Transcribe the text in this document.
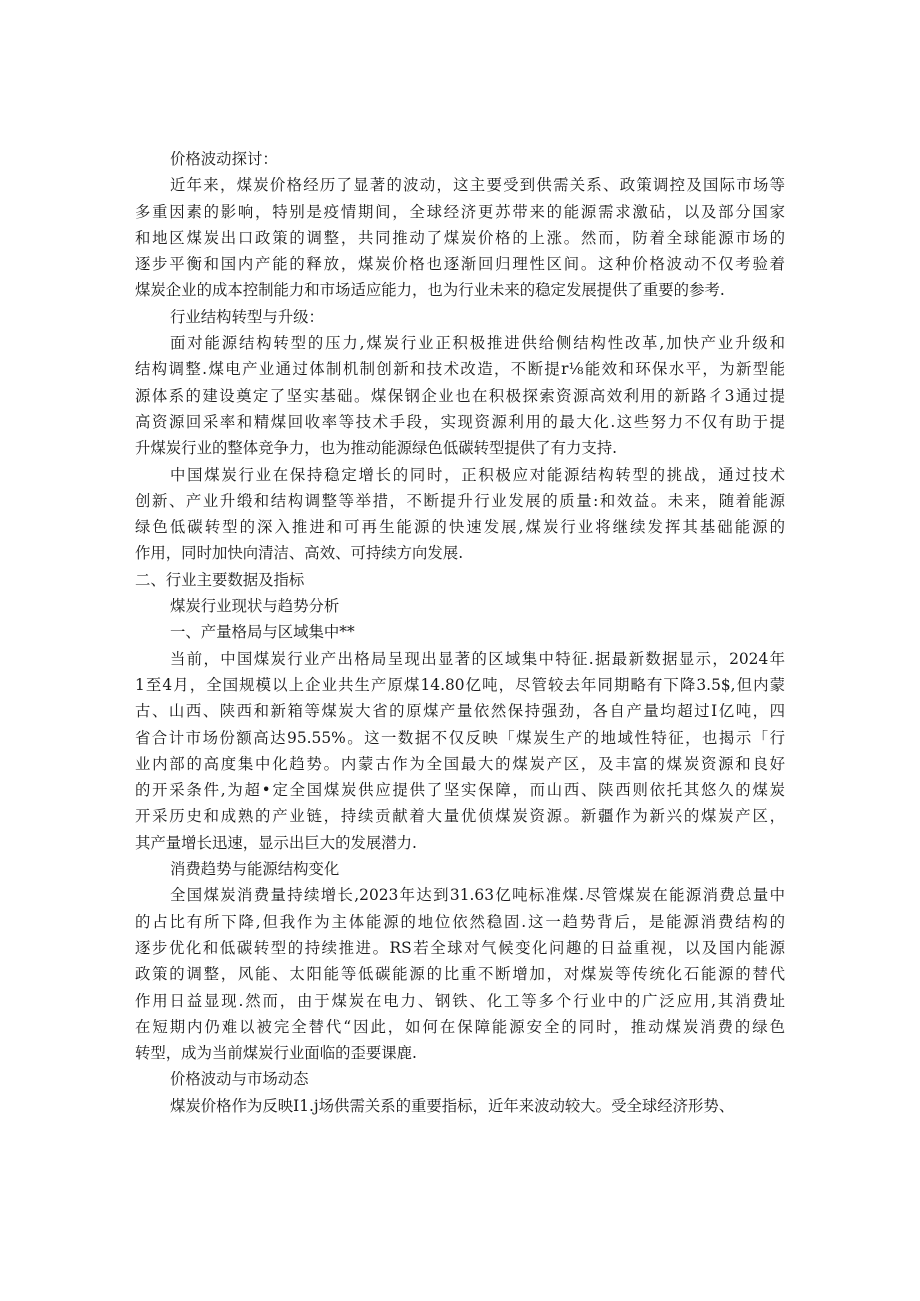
价格波动探讨：
近年来，煤炭价格经历了显著的波动，这主要受到供需关系、政策调控及国际市场等
多重因素的影响，特别是疫情期间，全球经济更苏带来的能源需求激砧，以及部分国家
和地区煤炭出口政策的调整，共同推动了煤炭价格的上涨。然而，防着全球能源市场的
逐步平衡和国内产能的释放，煤炭价格也逐渐回归理性区间。这种价格波动不仅考验着
煤炭企业的成本控制能力和市场适应能力，也为行业未来的稳定发展提供了重要的参考.
行业结构转型与升级：
面对能源结构转型的压力,煤炭行业正积极推进供给侧结构性改革,加快产业升级和
结构调整.煤电产业通过体制机制创新和技术改造，不断提r⅛能效和环保水平，为新型能
源体系的建设奠定了坚实基础。煤保钢企业也在积极探索资源高效利用的新路彳3通过提
高资源回采率和精煤回收率等技术手段，实现资源利用的最大化.这些努力不仅有助于提
升煤炭行业的整体竞争力，也为推动能源绿色低碳转型提供了有力支持.
中国煤炭行业在保持稳定增长的同时，正积极应对能源结构转型的挑战，通过技术
创新、产业升缎和结构调整等举措，不断提升行业发展的质量:和效益。未来，随着能源
绿色低碳转型的深入推进和可再生能源的快速发展,煤炭行业将继续发挥其基础能源的
作用，同时加快向清洁、高效、可持续方向发展.
二、行业主要数据及指标
煤炭行业现状与趋势分析
一、产量格局与区域集中**
当前，中国煤炭行业产出格局呈现出显著的区域集中特征.据最新数据显示，2024年
1至4月，全国规模以上企业共生产原煤14.80亿吨，尽管较去年同期略有下降3.5$,但内蒙
古、山西、陕西和新箱等煤炭大省的原煤产量依然保持强劲，各自产量均超过I亿吨，四
省合计市场份额高达95.55%。这一数据不仅反映「煤炭生产的地域性特征，也揭示「行
业内部的高度集中化趋势。内蒙古作为全国最大的煤炭产区，及丰富的煤炭资源和良好
的开采条件,为超•定全国煤炭供应提供了坚实保障，而山西、陕西则依托其悠久的煤炭
开采历史和成熟的产业链，持续贡献着大量优侦煤炭资源。新疆作为新兴的煤炭产区，
其产量增长迅速，显示出巨大的发展潜力.
消费趋势与能源结构变化
全国煤炭消费量持续增长,2023年达到31.63亿吨标准煤.尽管煤炭在能源消费总量中
的占比有所下降,但我作为主体能源的地位依然稳固.这一趋势背后，是能源消费结构的
逐步优化和低碳转型的持续推进。RS若全球对气候变化问趣的日益重视，以及国内能源
政策的调整，风能、太阳能等低碳能源的比重不断增加，对煤炭等传统化石能源的替代
作用日益显现.然而，由于煤炭在电力、钢铁、化工等多个行业中的广泛应用,其消费址
在短期内仍难以被完全替代“因此，如何在保障能源安全的同时，推动煤炭消费的绿色
转型，成为当前煤炭行业面临的歪要课鹿.
价格波动与市场动态
煤炭价格作为反映I1.j场供需关系的重要指标，近年来波动较大。受全球经济形势、
